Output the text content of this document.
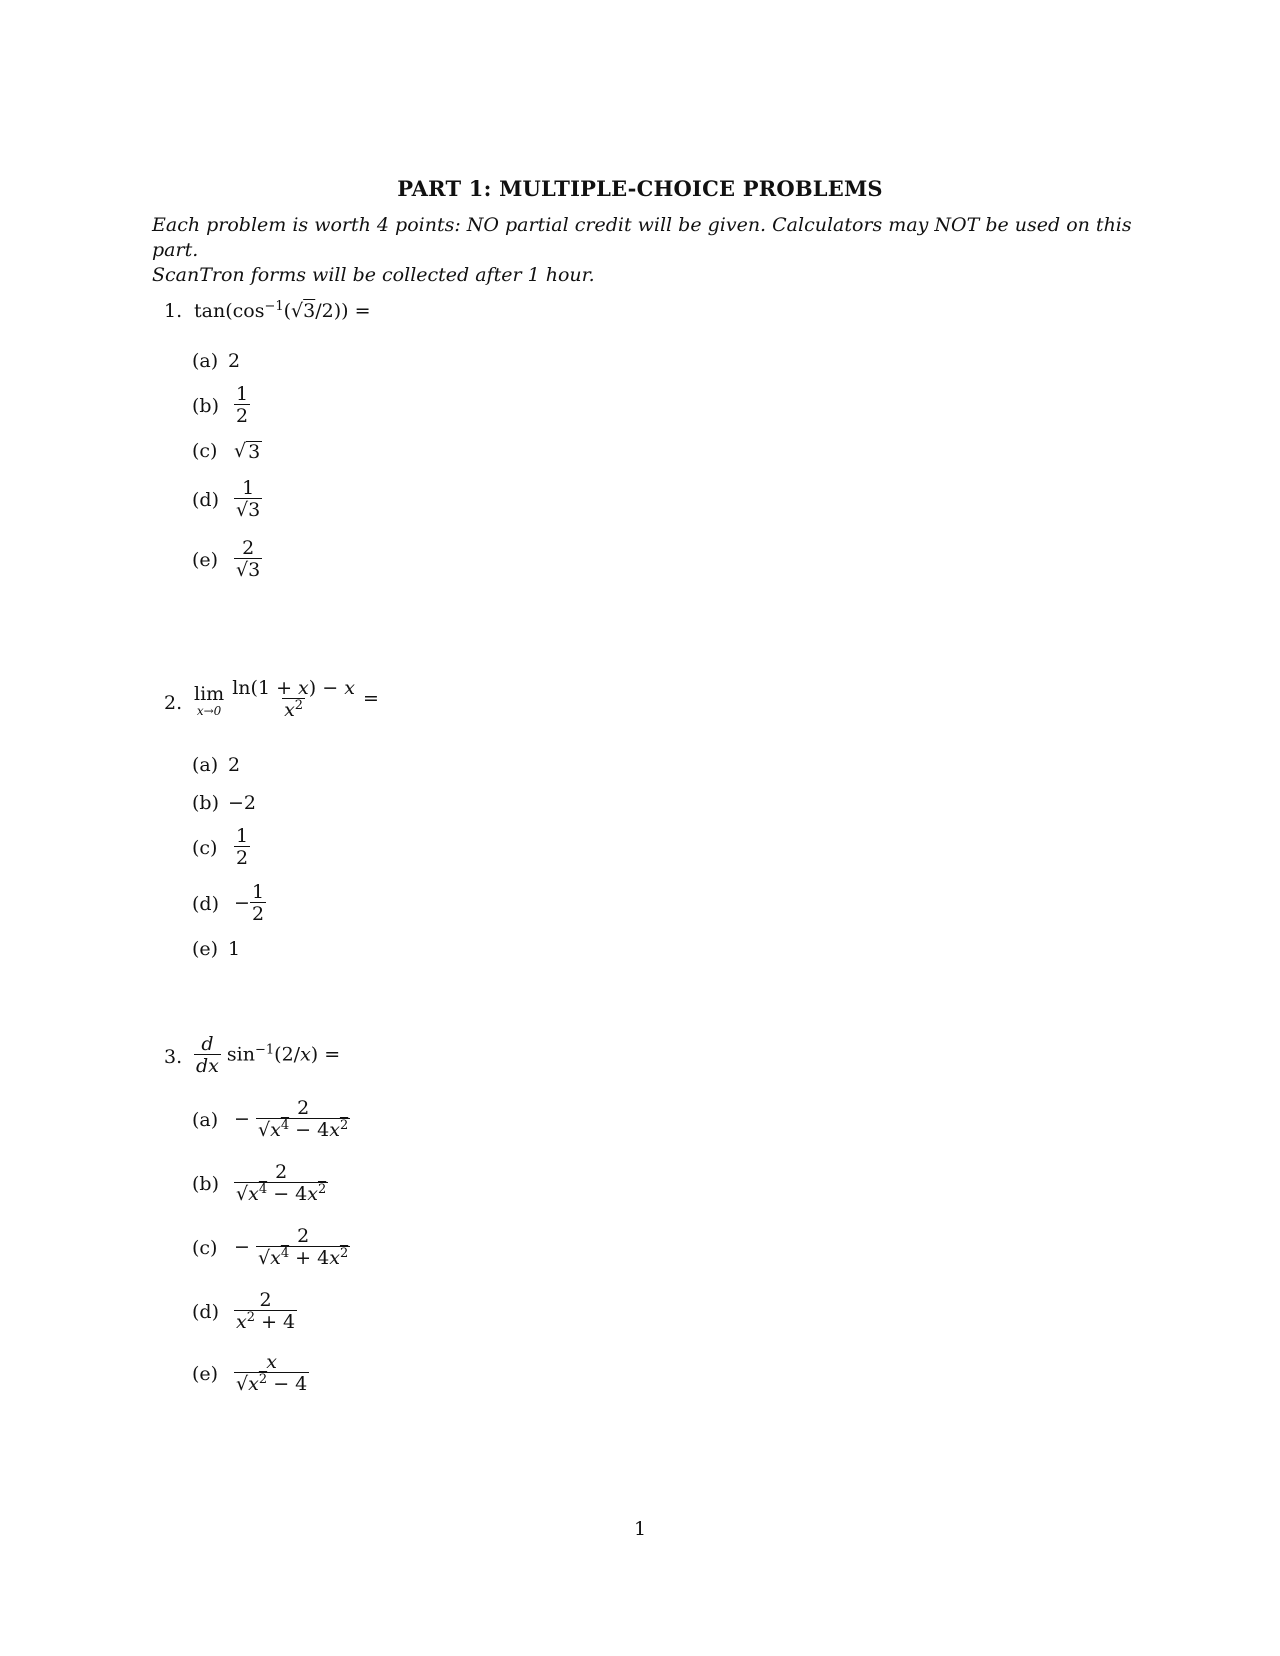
PART 1: MULTIPLE-CHOICE PROBLEMS
Each problem is worth 4 points: NO partial credit will be given. Calculators may NOT be used on this part.
ScanTron forms will be collected after 1 hour.
1. $\tan(\cos^{-1}(√3/2))$ =
(a) 2
$(b) \frac{1}{2}$
(c) √ 3
$(d) \frac{1}{√3}$
$(e) \frac{2}{√3}$
2. lim
x→0
$\frac{\ln(1 + x) - x}{x^2}$ =
(a) 2
(b) −2
$(c) \frac{1}{2}$
$(d) - \frac{1}{2}$
(e) 1
3. $\frac{d}{dx} \sin^{-1}(2/x)$ =
$(a) - \frac{2}{√x^4 - 4x^2}$
$(b) \frac{2}{√x^4 - 4x^2}$
$(c) - \frac{2}{√x^4 + 4x^2}$
$(d) \frac{2}{x^2 + 4}$
$(e) \frac{x}{√x^2 - 4}$
1
